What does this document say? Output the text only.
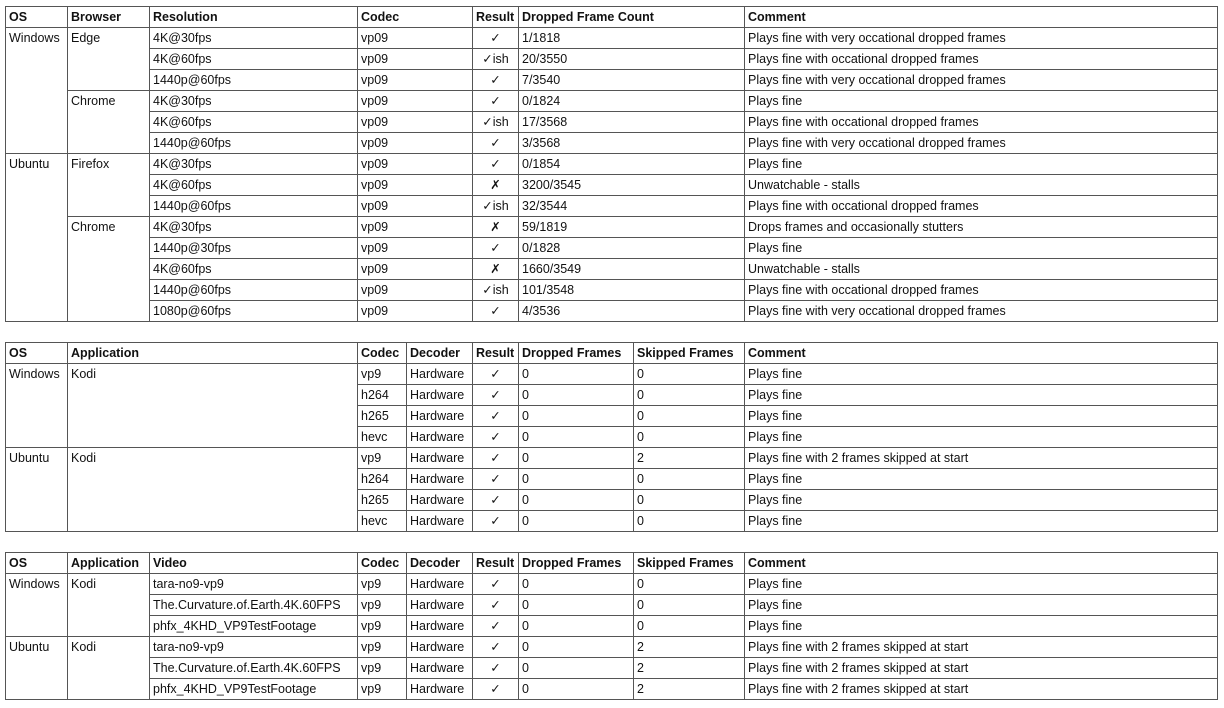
OS	Browser	Resolution	Codec	Result	Dropped Frame Count	Comment
Windows	Edge	4K@30fps	vp09	✓	1/1818	Plays fine with very occational dropped frames
		4K@60fps	vp09	✓ish	20/3550	Plays fine with occational dropped frames
		1440p@60fps	vp09	✓	7/3540	Plays fine with very occational dropped frames
	Chrome	4K@30fps	vp09	✓	0/1824	Plays fine
		4K@60fps	vp09	✓ish	17/3568	Plays fine with occational dropped frames
		1440p@60fps	vp09	✓	3/3568	Plays fine with very occational dropped frames
Ubuntu	Firefox	4K@30fps	vp09	✓	0/1854	Plays fine
		4K@60fps	vp09	✗	3200/3545	Unwatchable - stalls
		1440p@60fps	vp09	✓ish	32/3544	Plays fine with occational dropped frames
	Chrome	4K@30fps	vp09	✗	59/1819	Drops frames and occasionally stutters
		1440p@30fps	vp09	✓	0/1828	Plays fine
		4K@60fps	vp09	✗	1660/3549	Unwatchable - stalls
		1440p@60fps	vp09	✓ish	101/3548	Plays fine with occational dropped frames
		1080p@60fps	vp09	✓	4/3536	Plays fine with very occational dropped frames
OS	Application	Codec	Decoder	Result	Dropped Frames	Skipped Frames	Comment
Windows	Kodi	vp9	Hardware	✓	0	0	Plays fine
		h264	Hardware	✓	0	0	Plays fine
		h265	Hardware	✓	0	0	Plays fine
		hevc	Hardware	✓	0	0	Plays fine
Ubuntu	Kodi	vp9	Hardware	✓	0	2	Plays fine with 2 frames skipped at start
		h264	Hardware	✓	0	0	Plays fine
		h265	Hardware	✓	0	0	Plays fine
		hevc	Hardware	✓	0	0	Plays fine
OS	Application	Video	Codec	Decoder	Result	Dropped Frames	Skipped Frames	Comment
Windows	Kodi	tara-no9-vp9	vp9	Hardware	✓	0	0	Plays fine
		The.Curvature.of.Earth.4K.60FPS	vp9	Hardware	✓	0	0	Plays fine
		phfx_4KHD_VP9TestFootage	vp9	Hardware	✓	0	0	Plays fine
Ubuntu	Kodi	tara-no9-vp9	vp9	Hardware	✓	0	2	Plays fine with 2 frames skipped at start
		The.Curvature.of.Earth.4K.60FPS	vp9	Hardware	✓	0	2	Plays fine with 2 frames skipped at start
		phfx_4KHD_VP9TestFootage	vp9	Hardware	✓	0	2	Plays fine with 2 frames skipped at start
